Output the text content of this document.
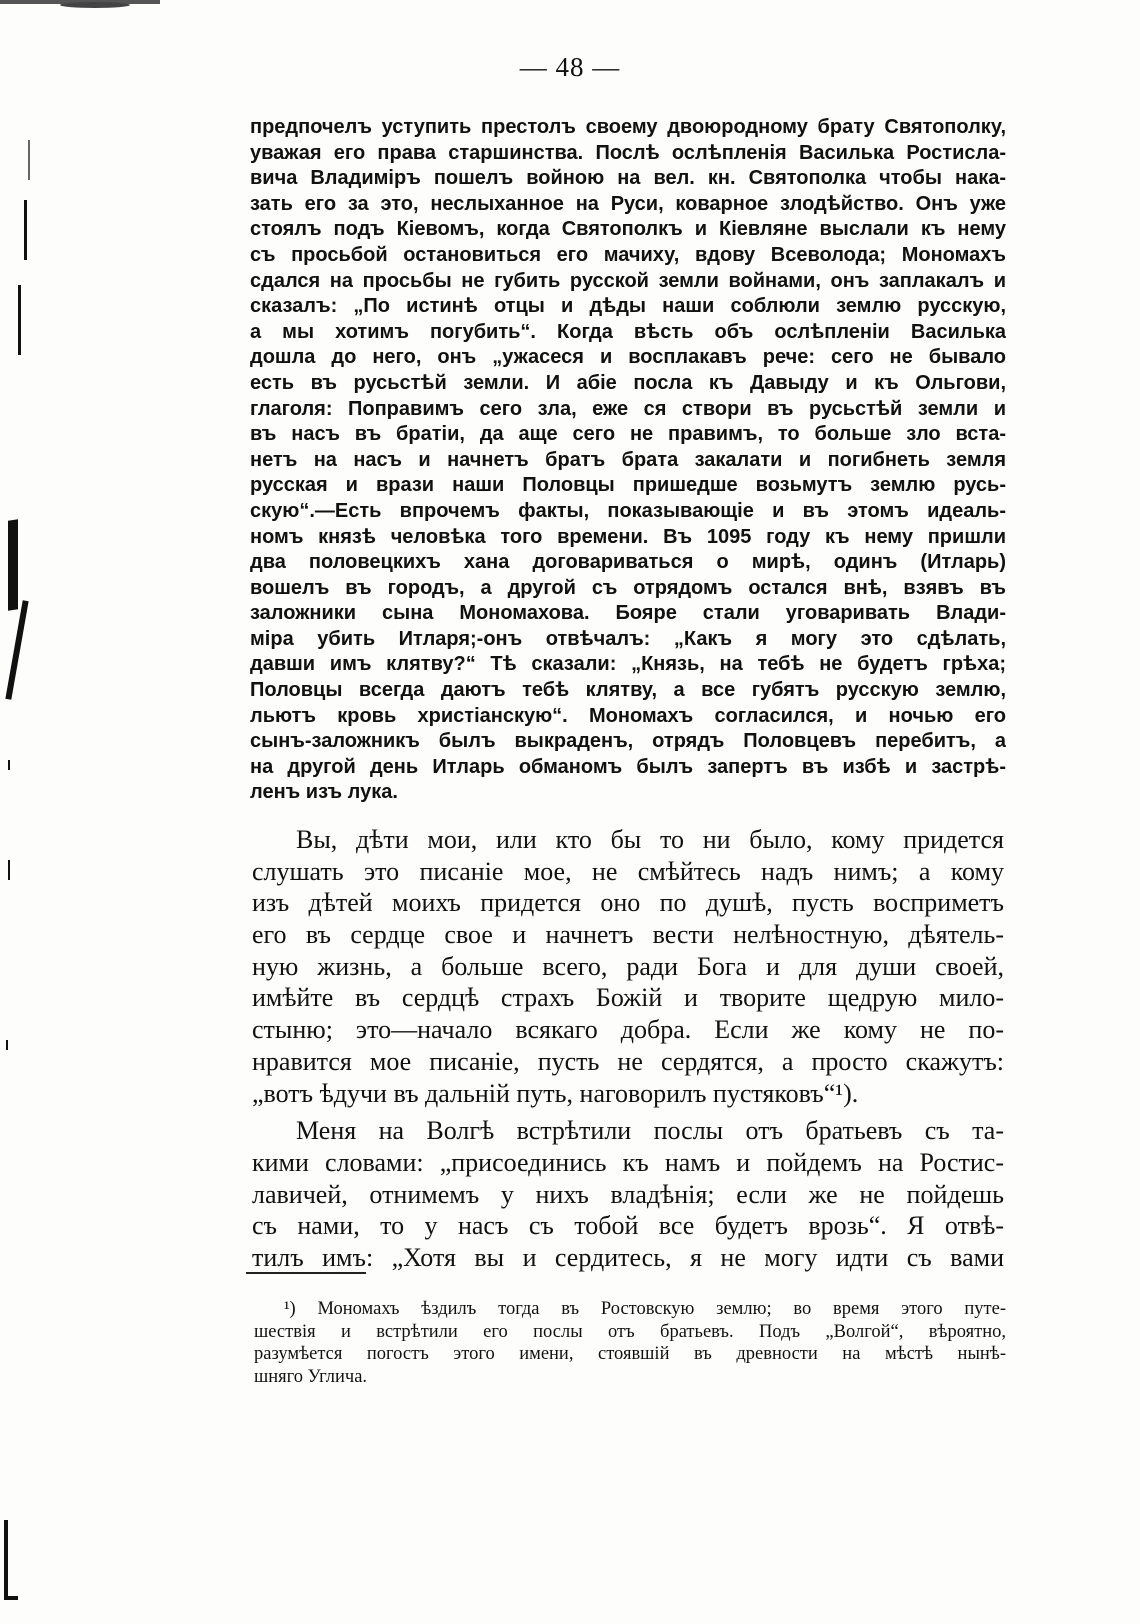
— 48 —
предпочелъ уступить престолъ своему двоюродному брату Святополку,
уважая его права старшинства. Послѣ ослѣпленія Василька Ростисла-
вича Владиміръ пошелъ войною на вел. кн. Святополка чтобы нака-
зать его за это, неслыханное на Руси, коварное злодѣйство. Онъ уже
стоялъ подъ Кіевомъ, когда Святополкъ и Кіевляне выслали къ нему
съ просьбой остановиться его мачиху, вдову Всеволода; Мономахъ
сдался на просьбы не губить русской земли войнами, онъ заплакалъ и
сказалъ: „По истинѣ отцы и дѣды наши соблюли землю русскую,
а мы хотимъ погубить“. Когда вѣсть объ ослѣпленіи Василька
дошла до него, онъ „ужасеся и восплакавъ рече: сего не бывало
есть въ русьстѣй земли. И абіе посла къ Давыду и къ Ольгови,
глаголя: Поправимъ сего зла, еже ся створи въ русьстѣй земли и
въ насъ въ братіи, да аще сего не правимъ, то больше зло вста-
нетъ на насъ и начнетъ братъ брата закалати и погибнеть земля
русская и врази наши Половцы пришедше возьмутъ землю русь-
скую“.—Есть впрочемъ факты, показывающіе и въ этомъ идеаль-
номъ князѣ человѣка того времени. Въ 1095 году къ нему пришли
два половецкихъ хана договариваться о мирѣ, одинъ (Итларь)
вошелъ въ городъ, а другой съ отрядомъ остался внѣ, взявъ въ
заложники сына Мономахова. Бояре стали уговаривать Влади-
міра убить Итларя;-онъ отвѣчалъ: „Какъ я могу это сдѣлать,
давши имъ клятву?“ Тѣ сказали: „Князь, на тебѣ не будетъ грѣха;
Половцы всегда даютъ тебѣ клятву, а все губятъ русскую землю,
льютъ кровь христіанскую“. Мономахъ согласился, и ночью его
сынъ-заложникъ былъ выкраденъ, отрядъ Половцевъ перебитъ, а
на другой день Итларь обманомъ былъ запертъ въ избѣ и застрѣ-
ленъ изъ лука.
Вы, дѣти мои, или кто бы то ни было, кому придется
слушать это писаніе мое, не смѣйтесь надъ нимъ; а кому
изъ дѣтей моихъ придется оно по душѣ, пусть восприметъ
его въ сердце свое и начнетъ вести нелѣностную, дѣятель-
ную жизнь, а больше всего, ради Бога и для души своей,
имѣйте въ сердцѣ страхъ Божій и творите щедрую мило-
стыню; это—начало всякаго добра. Если же кому не по-
нравится мое писаніе, пусть не сердятся, а просто скажутъ:
„вотъ ѣдучи въ дальній путь, наговорилъ пустяковъ“¹).
Меня на Волгѣ встрѣтили послы отъ братьевъ съ та-
кими словами: „присоединись къ намъ и пойдемъ на Ростис-
лавичей, отнимемъ у нихъ владѣнія; если же не пойдешь
съ нами, то у насъ съ тобой все будетъ врозь“. Я отвѣ-
тилъ имъ: „Хотя вы и сердитесь, я не могу идти съ вами
¹) Мономахъ ѣздилъ тогда въ Ростовскую землю; во время этого путе-
шествія и встрѣтили его послы отъ братьевъ. Подъ „Волгой“, вѣроятно,
разумѣется погостъ этого имени, стоявшій въ древности на мѣстѣ нынѣ-
шняго Углича.
